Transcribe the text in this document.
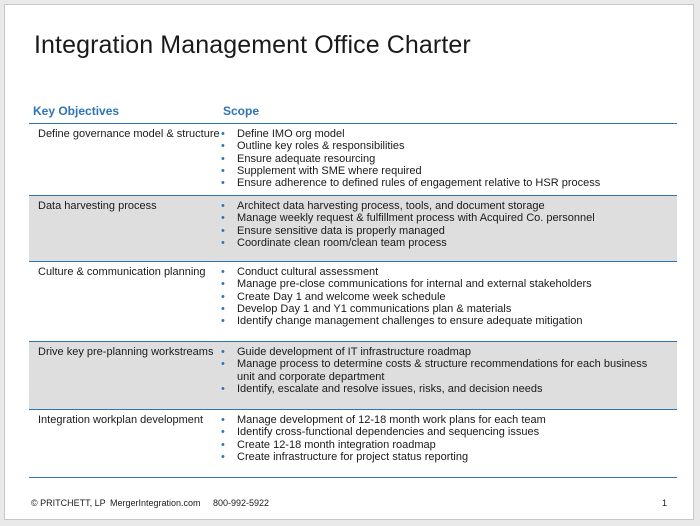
Integration Management Office Charter
Key Objectives	Scope
Define governance model & structure	• Define IMO org model
• Outline key roles & responsibilities
• Ensure adequate resourcing
• Supplement with SME where required
• Ensure adherence to defined rules of engagement relative to HSR process
Data harvesting process	• Architect data harvesting process, tools, and document storage
• Manage weekly request & fulfillment process with Acquired Co. personnel
• Ensure sensitive data is properly managed
• Coordinate clean room/clean team process
Culture & communication planning	• Conduct cultural assessment
• Manage pre-close communications for internal and external stakeholders
• Create Day 1 and welcome week schedule
• Develop Day 1 and Y1 communications plan & materials
• Identify change management challenges to ensure adequate mitigation
Drive key pre-planning workstreams	• Guide development of IT infrastructure roadmap
• Manage process to determine costs & structure recommendations for each business unit and corporate department
• Identify, escalate and resolve issues, risks, and decision needs
Integration workplan development	• Manage development of 12-18 month work plans for each team
• Identify cross-functional dependencies and sequencing issues
• Create 12-18 month integration roadmap
• Create infrastructure for project status reporting
© PRITCHETT, LP MergerIntegration.com 800-992-5922	1
